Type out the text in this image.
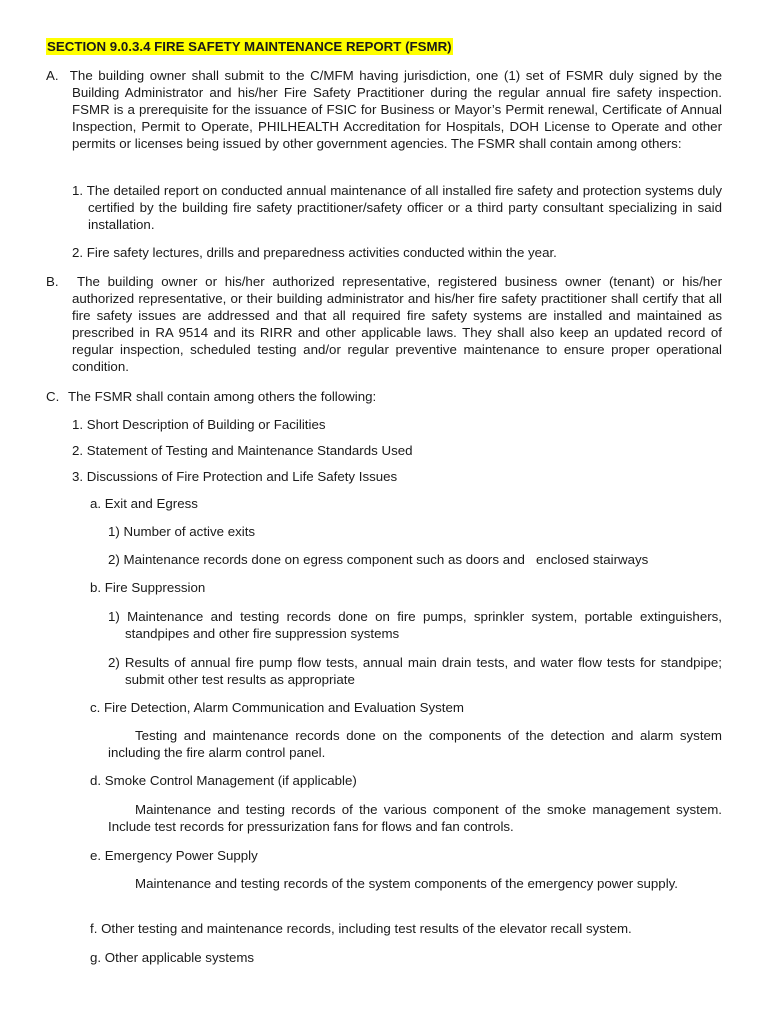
SECTION 9.0.3.4 FIRE SAFETY MAINTENANCE REPORT (FSMR)
A. The building owner shall submit to the C/MFM having jurisdiction, one (1) set of FSMR duly signed by the Building Administrator and his/her Fire Safety Practitioner during the regular annual fire safety inspection. FSMR is a prerequisite for the issuance of FSIC for Business or Mayor’s Permit renewal, Certificate of Annual Inspection, Permit to Operate, PHILHEALTH Accreditation for Hospitals, DOH License to Operate and other permits or licenses being issued by other government agencies. The FSMR shall contain among others:
1. The detailed report on conducted annual maintenance of all installed fire safety and protection systems duly certified by the building fire safety practitioner/safety officer or a third party consultant specializing in said installation.
2. Fire safety lectures, drills and preparedness activities conducted within the year.
B.	The building owner or his/her authorized representative, registered business owner (tenant) or his/her authorized representative, or their building administrator and his/her fire safety practitioner shall certify that all fire safety issues are addressed and that all required fire safety systems are installed and maintained as prescribed in RA 9514 and its RIRR and other applicable laws. They shall also keep an updated record of regular inspection, scheduled testing and/or regular preventive maintenance to ensure proper operational condition.
C. The FSMR shall contain among others the following:
1. Short Description of Building or Facilities
2. Statement of Testing and Maintenance Standards Used
3. Discussions of Fire Protection and Life Safety Issues
a. Exit and Egress
1) Number of active exits
2) Maintenance records done on egress component such as doors and   enclosed stairways
b. Fire Suppression
1) Maintenance and testing records done on fire pumps, sprinkler system, portable extinguishers, standpipes and other fire suppression systems
2) Results of annual fire pump flow tests, annual main drain tests, and water flow tests for standpipe; submit other test results as appropriate
c. Fire Detection, Alarm Communication and Evaluation System
Testing and maintenance records done on the components of the detection and alarm system including the fire alarm control panel.
d. Smoke Control Management (if applicable)
Maintenance and testing records of the various component of the smoke management system. Include test records for pressurization fans for flows and fan controls.
e. Emergency Power Supply
Maintenance and testing records of the system components of the emergency power supply.
f. Other testing and maintenance records, including test results of the elevator recall system.
g. Other applicable systems
